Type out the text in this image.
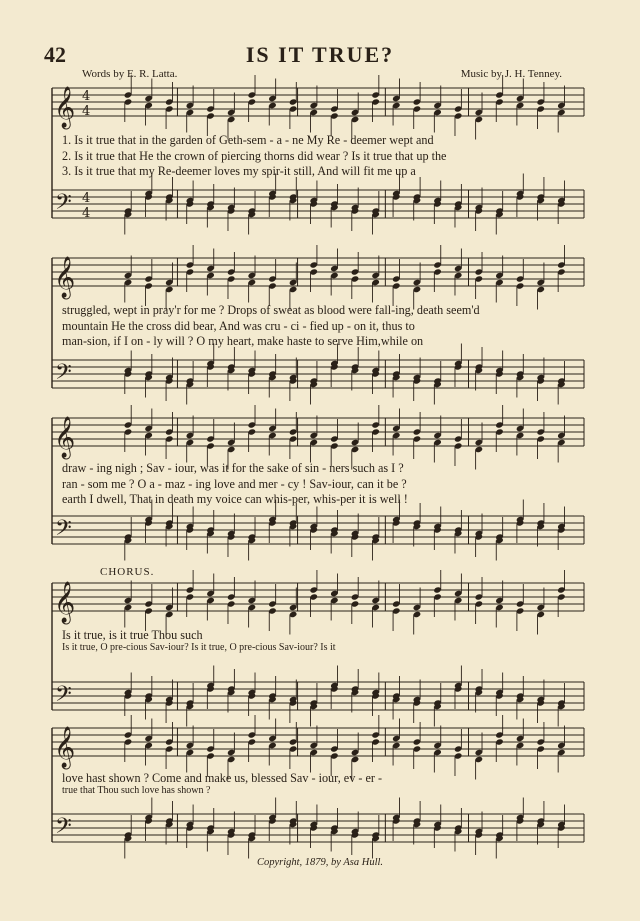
42	IS IT TRUE?
Words by E. R. Latta.	Music by J. H. Tenney.
𝄞
𝄢
4
4
4
4
𝄞
𝄢
𝄞
𝄢
𝄞
𝄢
𝄞
𝄢
1. Is it true that in the garden of Geth-sem - a - ne My Re - deemer wept and
2. Is it true that He the crown of piercing thorns did wear ? Is it true that up the
3. Is it true that my Re-deemer loves my spir-it still, And will fit me up a
struggled, wept in pray'r for me ? Drops of sweat as blood were fall-ing, death seem'd
mountain He the cross did bear, And was cru - ci - fied up - on it, thus to
man-sion, if I on - ly will ? O my heart, make haste to serve Him,while on
draw - ing nigh ; Sav - iour, was it for the sake of sin - ners such as I ?
ran - som me ? O a - maz - ing love and mer - cy ! Sav-iour, can it be ?
earth I dwell, That in death my voice can whis-per, whis-per it is well !
CHORUS.
Is it true, is it true Thou such
Is it true, O pre-cious Sav-iour? Is it true, O pre-cious Sav-iour? Is it
love hast shown ? Come and make us, blessed Sav - iour, ev - er -
true that Thou such love has shown ?
Copyright, 1879, by Asa Hull.
